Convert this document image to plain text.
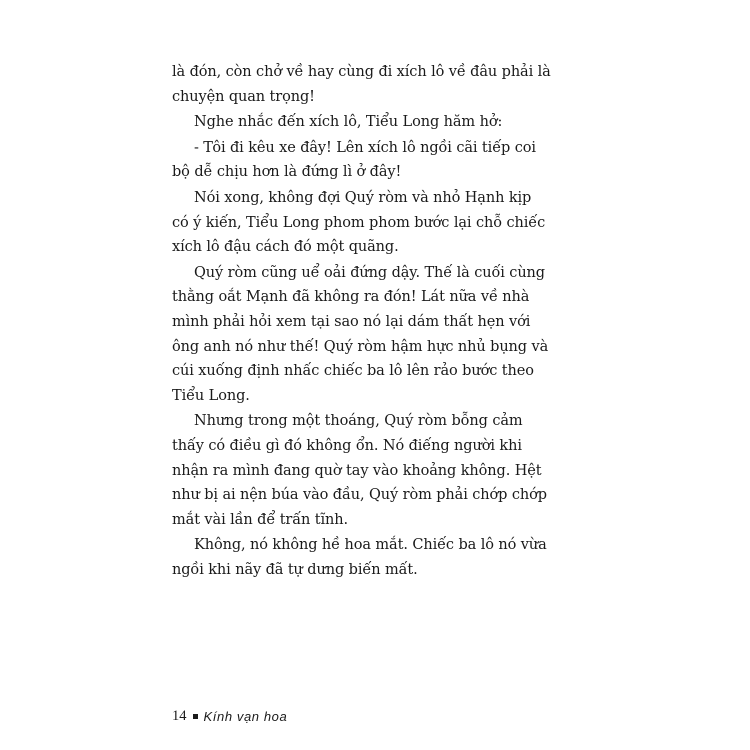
là đón, còn chở về hay cùng đi xích lô về đâu phải là chuyện quan trọng!

Nghe nhắc đến xích lô, Tiểu Long hăm hở:

- Tôi đi kêu xe đây! Lên xích lô ngồi cãi tiếp coi bộ dễ chịu hơn là đứng lì ở đây!

Nói xong, không đợi Quý ròm và nhỏ Hạnh kịp có ý kiến, Tiểu Long phom phom bước lại chỗ chiếc xích lô đậu cách đó một quãng.

Quý ròm cũng uể oải đứng dậy. Thế là cuối cùng thằng oắt Mạnh đã không ra đón! Lát nữa về nhà mình phải hỏi xem tại sao nó lại dám thất hẹn với ông anh nó như thế! Quý ròm hậm hực nhủ bụng và cúi xuống định nhấc chiếc ba lô lên rảo bước theo Tiểu Long.

Nhưng trong một thoáng, Quý ròm bỗng cảm thấy có điều gì đó không ổn. Nó điếng người khi nhận ra mình đang quờ tay vào khoảng không. Hệt như bị ai nện búa vào đầu, Quý ròm phải chớp chớp mắt vài lần để trấn tĩnh.

Không, nó không hề hoa mắt. Chiếc ba lô nó vừa ngồi khi nãy đã tự dưng biến mất.

14 Kính vạn hoa
